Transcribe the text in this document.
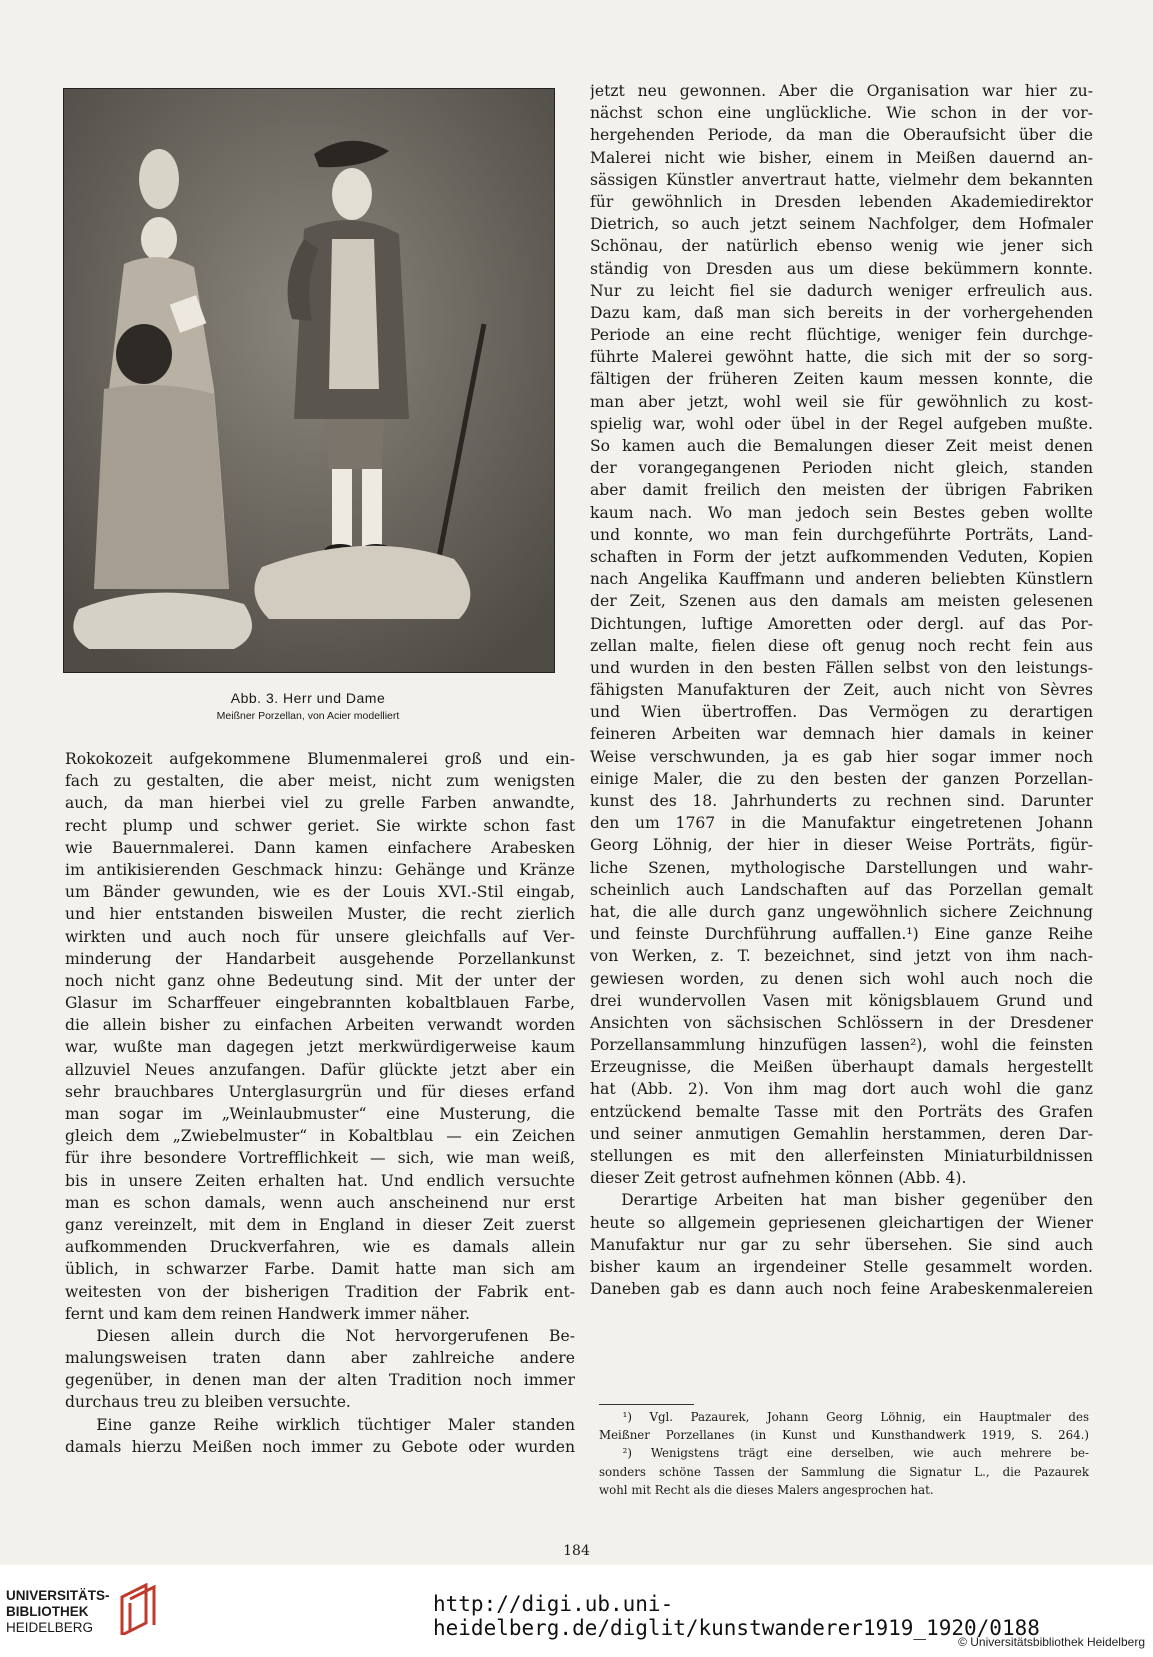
Abb. 3. Herr und Dame
Meißner Porzellan, von Acier modelliert
Rokokozeit aufgekommene Blumenmalerei groß und ein-
fach zu gestalten, die aber meist, nicht zum wenigsten
auch, da man hierbei viel zu grelle Farben anwandte,
recht plump und schwer geriet. Sie wirkte schon fast
wie Bauernmalerei. Dann kamen einfachere Arabesken
im antikisierenden Geschmack hinzu: Gehänge und Kränze
um Bänder gewunden, wie es der Louis XVI.-Stil eingab,
und hier entstanden bisweilen Muster, die recht zierlich
wirkten und auch noch für unsere gleichfalls auf Ver-
minderung der Handarbeit ausgehende Porzellankunst
noch nicht ganz ohne Bedeutung sind. Mit der unter der
Glasur im Scharffeuer eingebrannten kobaltblauen Farbe,
die allein bisher zu einfachen Arbeiten verwandt worden
war, wußte man dagegen jetzt merkwürdigerweise kaum
allzuviel Neues anzufangen. Dafür glückte jetzt aber ein
sehr brauchbares Unterglasurgrün und für dieses erfand
man sogar im „Weinlaubmuster“ eine Musterung, die
gleich dem „Zwiebelmuster“ in Kobaltblau — ein Zeichen
für ihre besondere Vortrefflichkeit — sich, wie man weiß,
bis in unsere Zeiten erhalten hat. Und endlich versuchte
man es schon damals, wenn auch anscheinend nur erst
ganz vereinzelt, mit dem in England in dieser Zeit zuerst
aufkommenden Druckverfahren, wie es damals allein
üblich, in schwarzer Farbe. Damit hatte man sich am
weitesten von der bisherigen Tradition der Fabrik ent-
fernt und kam dem reinen Handwerk immer näher.
Diesen allein durch die Not hervorgerufenen Be-
malungsweisen traten dann aber zahlreiche andere
gegenüber, in denen man der alten Tradition noch immer
durchaus treu zu bleiben versuchte.
Eine ganze Reihe wirklich tüchtiger Maler standen
damals hierzu Meißen noch immer zu Gebote oder wurden
jetzt neu gewonnen. Aber die Organisation war hier zu-
nächst schon eine unglückliche. Wie schon in der vor-
hergehenden Periode, da man die Oberaufsicht über die
Malerei nicht wie bisher, einem in Meißen dauernd an-
sässigen Künstler anvertraut hatte, vielmehr dem bekannten
für gewöhnlich in Dresden lebenden Akademiedirektor
Dietrich, so auch jetzt seinem Nachfolger, dem Hofmaler
Schönau, der natürlich ebenso wenig wie jener sich
ständig von Dresden aus um diese bekümmern konnte.
Nur zu leicht fiel sie dadurch weniger erfreulich aus.
Dazu kam, daß man sich bereits in der vorhergehenden
Periode an eine recht flüchtige, weniger fein durchge-
führte Malerei gewöhnt hatte, die sich mit der so sorg-
fältigen der früheren Zeiten kaum messen konnte, die
man aber jetzt, wohl weil sie für gewöhnlich zu kost-
spielig war, wohl oder übel in der Regel aufgeben mußte.
So kamen auch die Bemalungen dieser Zeit meist denen
der vorangegangenen Perioden nicht gleich, standen
aber damit freilich den meisten der übrigen Fabriken
kaum nach. Wo man jedoch sein Bestes geben wollte
und konnte, wo man fein durchgeführte Porträts, Land-
schaften in Form der jetzt aufkommenden Veduten, Kopien
nach Angelika Kauffmann und anderen beliebten Künstlern
der Zeit, Szenen aus den damals am meisten gelesenen
Dichtungen, luftige Amoretten oder dergl. auf das Por-
zellan malte, fielen diese oft genug noch recht fein aus
und wurden in den besten Fällen selbst von den leistungs-
fähigsten Manufakturen der Zeit, auch nicht von Sèvres
und Wien übertroffen. Das Vermögen zu derartigen
feineren Arbeiten war demnach hier damals in keiner
Weise verschwunden, ja es gab hier sogar immer noch
einige Maler, die zu den besten der ganzen Porzellan-
kunst des 18. Jahrhunderts zu rechnen sind. Darunter
den um 1767 in die Manufaktur eingetretenen Johann
Georg Löhnig, der hier in dieser Weise Porträts, figür-
liche Szenen, mythologische Darstellungen und wahr-
scheinlich auch Landschaften auf das Porzellan gemalt
hat, die alle durch ganz ungewöhnlich sichere Zeichnung
und feinste Durchführung auffallen.¹) Eine ganze Reihe
von Werken, z. T. bezeichnet, sind jetzt von ihm nach-
gewiesen worden, zu denen sich wohl auch noch die
drei wundervollen Vasen mit königsblauem Grund und
Ansichten von sächsischen Schlössern in der Dresdener
Porzellansammlung hinzufügen lassen²), wohl die feinsten
Erzeugnisse, die Meißen überhaupt damals hergestellt
hat (Abb. 2). Von ihm mag dort auch wohl die ganz
entzückend bemalte Tasse mit den Porträts des Grafen
und seiner anmutigen Gemahlin herstammen, deren Dar-
stellungen es mit den allerfeinsten Miniaturbildnissen
dieser Zeit getrost aufnehmen können (Abb. 4).
Derartige Arbeiten hat man bisher gegenüber den
heute so allgemein gepriesenen gleichartigen der Wiener
Manufaktur nur gar zu sehr übersehen. Sie sind auch
bisher kaum an irgendeiner Stelle gesammelt worden.
Daneben gab es dann auch noch feine Arabeskenmalereien
¹) Vgl. Pazaurek, Johann Georg Löhnig, ein Hauptmaler des
Meißner Porzellanes (in Kunst und Kunsthandwerk 1919, S. 264.)
²) Wenigstens trägt eine derselben, wie auch mehrere be-
sonders schöne Tassen der Sammlung die Signatur L., die Pazaurek
wohl mit Recht als die dieses Malers angesprochen hat.
184
UNIVERSITÄTS-
BIBLIOTHEK
HEIDELBERG
http://digi.ub.uni-heidelberg.de/diglit/kunstwanderer1919_1920/0188
© Universitätsbibliothek Heidelberg
